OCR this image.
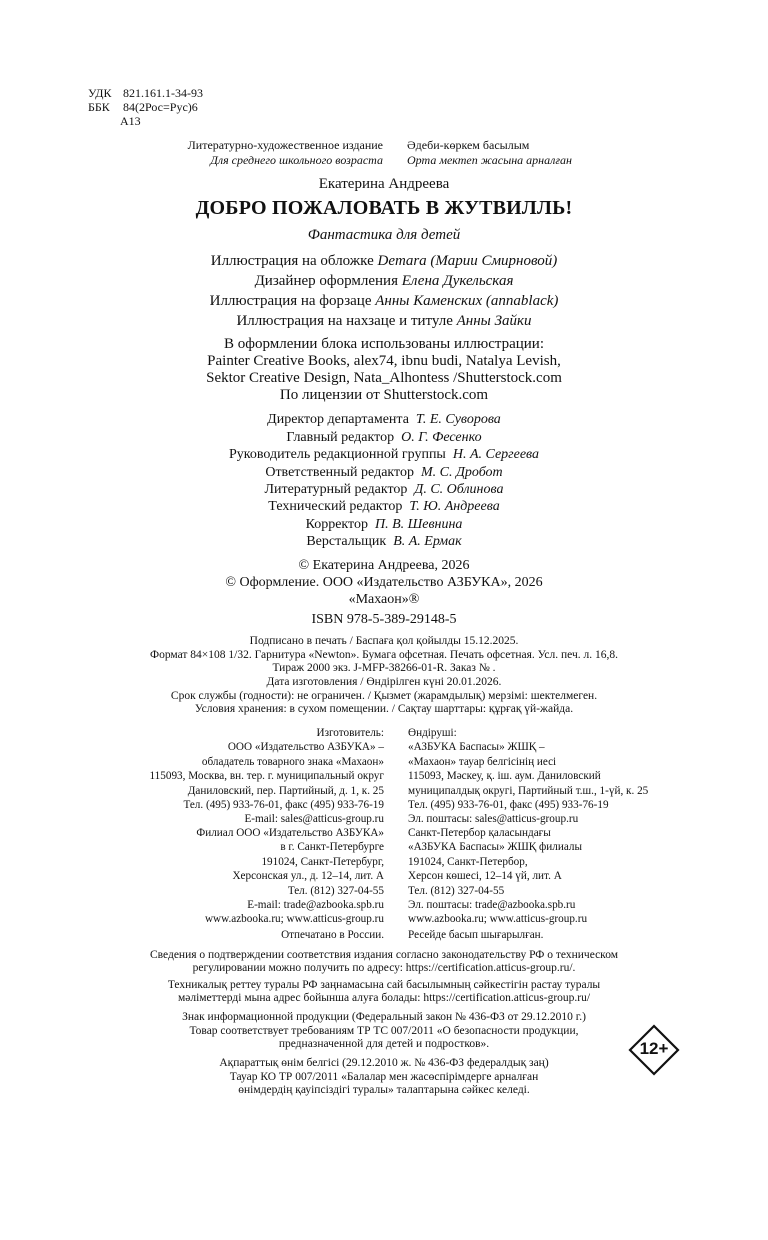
УДК 821.161.1-34-93
ББК 84(2Рос=Рус)6
А13
Литературно-художественное издание Әдеби-көркем басылым
Для среднего школьного возраста Орта мектеп жасына арналған
Екатерина Андреева
ДОБРО ПОЖАЛОВАТЬ В ЖУТВИЛЛЬ!
Фантастика для детей
Иллюстрация на обложке Demara (Марии Смирновой)
Дизайнер оформления Елена Дукельская
Иллюстрация на форзаце Анны Каменских (annablack)
Иллюстрация на нахзаце и титуле Анны Зайки
В оформлении блока использованы иллюстрации:
Painter Creative Books, alex74, ibnu budi, Natalya Levish,
Sektor Creative Design, Nata_Alhontess /Shutterstock.com
По лицензии от Shutterstock.com
Директор департамента Т. Е. Суворова
Главный редактор О. Г. Фесенко
Руководитель редакционной группы Н. А. Сергеева
Ответственный редактор М. С. Дробот
Литературный редактор Д. С. Облинова
Технический редактор Т. Ю. Андреева
Корректор П. В. Шевнина
Верстальщик В. А. Ермак
© Екатерина Андреева, 2026
© Оформление. ООО «Издательство АЗБУКА», 2026
«Махаон»®
ISBN 978-5-389-29148-5
Подписано в печать / Баспаға қол қойылды 15.12.2025.
Формат 84×108 1/32. Гарнитура «Newton». Бумага офсетная. Печать офсетная. Усл. печ. л. 16,8.
Тираж 2000 экз. J-MFP-38266-01-R. Заказ № .
Дата изготовления / Өндірілген күні 20.01.2026.
Срок службы (годности): не ограничен. / Қызмет (жарамдылық) мерзімі: шектелмеген.
Условия хранения: в сухом помещении. / Сақтау шарттары: құрғақ үй-жайда.
Изготовитель:
ООО «Издательство АЗБУКА» –
обладатель товарного знака «Махаон»
115093, Москва, вн. тер. г. муниципальный округ
Даниловский, пер. Партийный, д. 1, к. 25
Тел. (495) 933-76-01, факс (495) 933-76-19
E-mail: sales@atticus-group.ru
Өндіруші:
«АЗБУКА Баспасы» ЖШҚ –
«Махаон» тауар белгісінің иесі
115093, Мәскеу, қ. іш. аум. Даниловский
муниципалдық округі, Партийный т.ш., 1-үй, к. 25
Тел. (495) 933-76-01, факс (495) 933-76-19
Эл. поштасы: sales@atticus-group.ru
Филиал ООО «Издательство АЗБУКА»
в г. Санкт-Петербурге
191024, Санкт-Петербург,
Херсонская ул., д. 12–14, лит. А
Тел. (812) 327-04-55
E-mail: trade@azbooka.spb.ru
www.azbooka.ru; www.atticus-group.ru
Санкт-Петербор қаласындағы
«АЗБУКА Баспасы» ЖШҚ филиалы
191024, Санкт-Петербор,
Херсон көшесі, 12–14 үй, лит. А
Тел. (812) 327-04-55
Эл. поштасы: trade@azbooka.spb.ru
www.azbooka.ru; www.atticus-group.ru
Отпечатано в России. Ресейде басып шығарылған.
Сведения о подтверждении соответствия издания согласно законодательству РФ о техническом
регулировании можно получить по адресу: https://certification.atticus-group.ru/.
Техникалық реттеу туралы РФ заңнамасына сай басылымның сәйкестігін растау туралы
мәліметтерді мына адрес бойынша алуға болады: https://certification.atticus-group.ru/
Знак информационной продукции (Федеральный закон № 436-ФЗ от 29.12.2010 г.)
Товар соответствует требованиям ТР ТС 007/2011 «О безопасности продукции,
предназначенной для детей и подростков».
Ақпараттық өнім белгісі (29.12.2010 ж. № 436-ФЗ федералдық заң)
Тауар КО ТР 007/2011 «Балалар мен жасөспірімдерге арналған
өнімдердің қауіпсіздігі туралы» талаптарына сәйкес келеді.
12+
